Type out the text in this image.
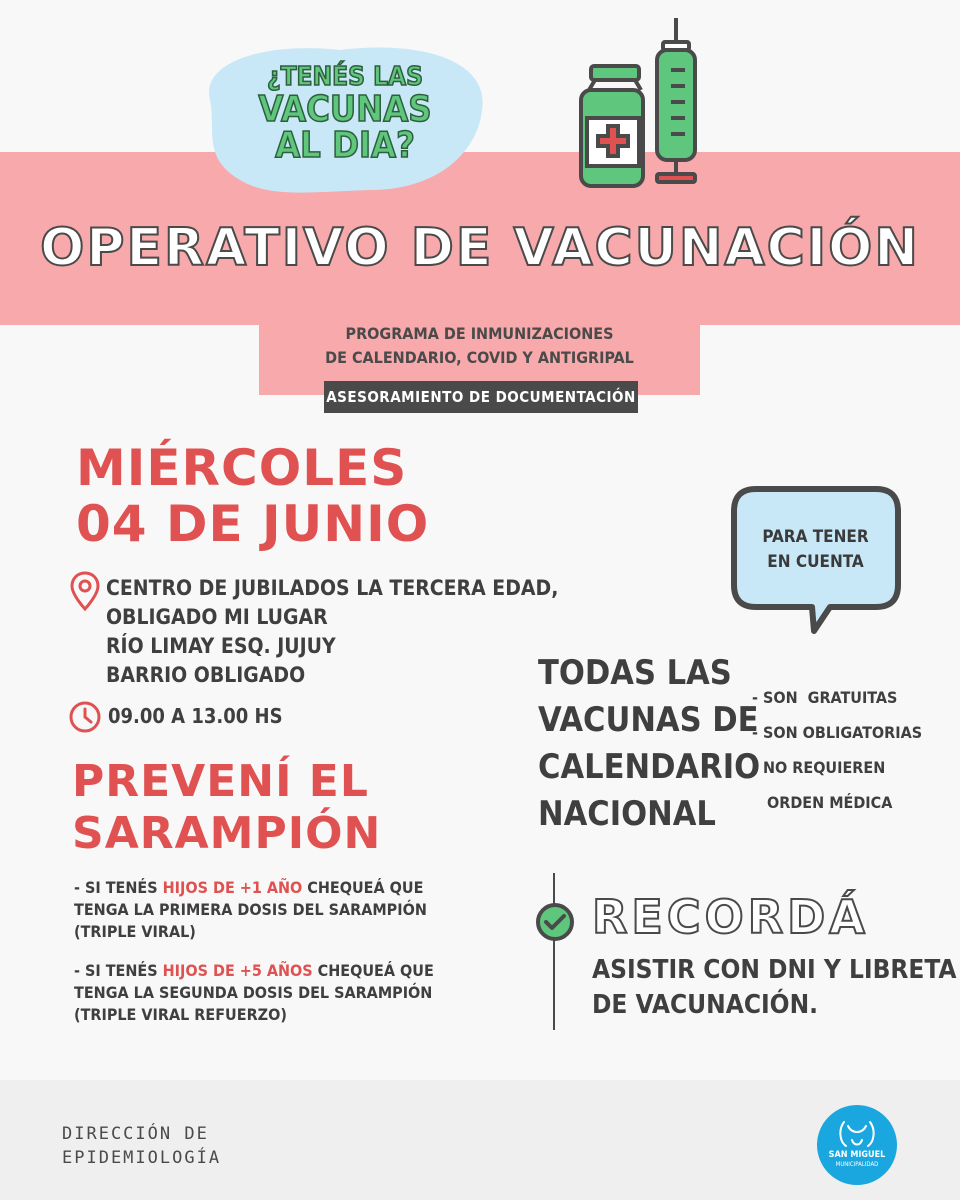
¿TENÉS LAS
VACUNAS
AL DIA?
OPERATIVO DE VACUNACIÓN
PROGRAMA DE INMUNIZACIONES
DE CALENDARIO, COVID Y ANTIGRIPAL
ASESORAMIENTO DE DOCUMENTACIÓN
MIÉRCOLES
04 DE JUNIO
CENTRO DE JUBILADOS LA TERCERA EDAD,
OBLIGADO MI LUGAR
RÍO LIMAY ESQ. JUJUY
BARRIO OBLIGADO
09.00 A 13.00 HS
PREVENÍ EL
SARAMPIÓN
- SI TENÉS HIJOS DE +1 AÑO CHEQUEÁ QUE
TENGA LA PRIMERA DOSIS DEL SARAMPIÓN
(TRIPLE VIRAL)
- SI TENÉS HIJOS DE +5 AÑOS CHEQUEÁ QUE
TENGA LA SEGUNDA DOSIS DEL SARAMPIÓN
(TRIPLE VIRAL REFUERZO)
PARA TENER
EN CUENTA
TODAS LAS
VACUNAS DE
CALENDARIO
NACIONAL
- SON  GRATUITAS
- SON OBLIGATORIAS
- NO REQUIEREN
ORDEN MÉDICA
RECORDÁ
ASISTIR CON DNI Y LIBRETA
DE VACUNACIÓN.
DIRECCIÓN DE
EPIDEMIOLOGÍA	SAN MIGUEL
MUNICIPALIDAD
